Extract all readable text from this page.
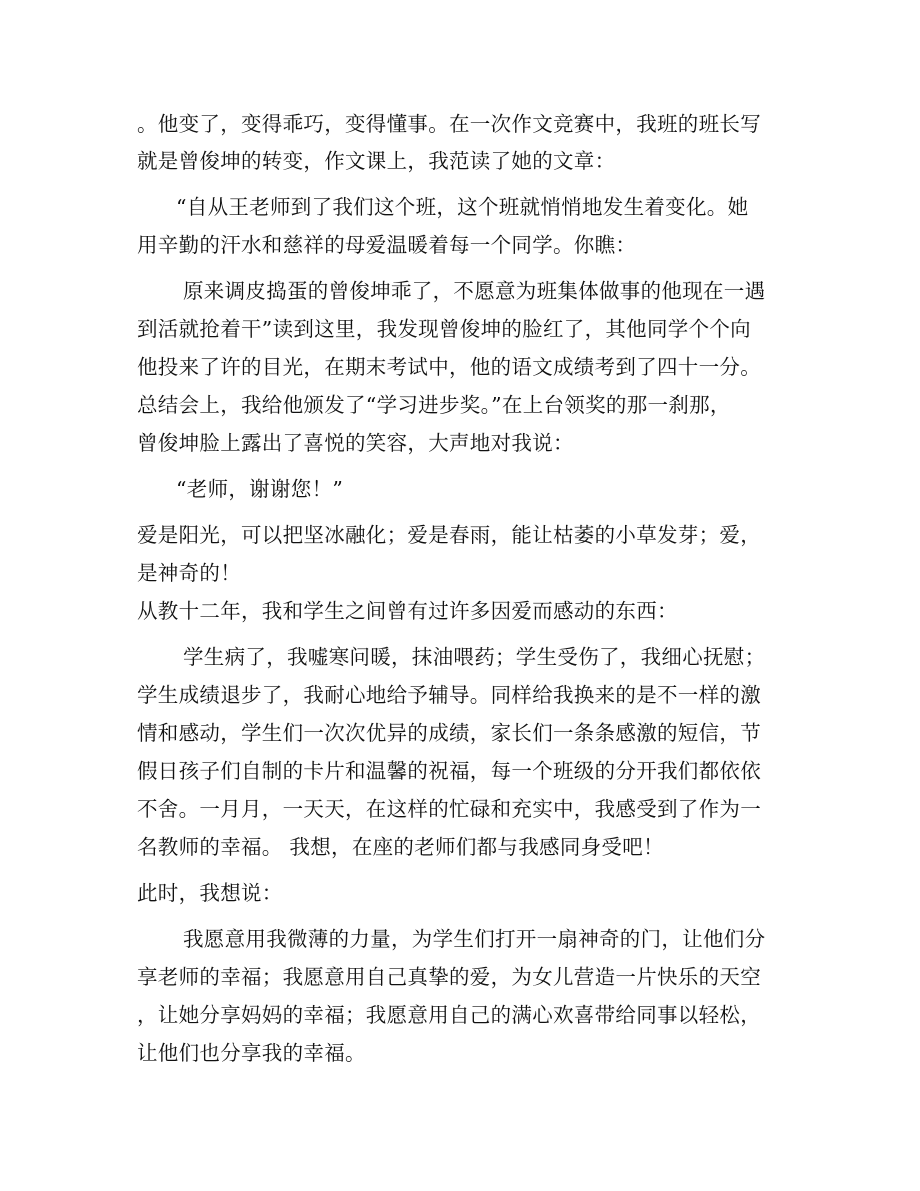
。他变了，变得乖巧，变得懂事。在一次作文竞赛中，我班的班长写
就是曾俊坤的转变，作文课上，我范读了她的文章：
“自从王老师到了我们这个班，这个班就悄悄地发生着变化。她
用辛勤的汗水和慈祥的母爱温暖着每一个同学。你瞧：
原来调皮捣蛋的曾俊坤乖了，不愿意为班集体做事的他现在一遇
到活就抢着干”读到这里，我发现曾俊坤的脸红了，其他同学个个向
他投来了许的目光，在期末考试中，他的语文成绩考到了四十一分。
总结会上，我给他颁发了“学习进步奖。”在上台领奖的那一刹那，
曾俊坤脸上露出了喜悦的笑容，大声地对我说：
“老师，谢谢您！”
爱是阳光，可以把坚冰融化；爱是春雨，能让枯萎的小草发芽；爱，
是神奇的！
从教十二年，我和学生之间曾有过许多因爱而感动的东西：
学生病了，我嘘寒问暖，抹油喂药；学生受伤了，我细心抚慰；
学生成绩退步了，我耐心地给予辅导。同样给我换来的是不一样的激
情和感动，学生们一次次优异的成绩，家长们一条条感激的短信，节
假日孩子们自制的卡片和温馨的祝福，每一个班级的分开我们都依依
不舍。一月月，一天天，在这样的忙碌和充实中，我感受到了作为一
名教师的幸福。 我想，在座的老师们都与我感同身受吧！
此时，我想说：
我愿意用我微薄的力量，为学生们打开一扇神奇的门，让他们分
享老师的幸福；我愿意用自己真挚的爱，为女儿营造一片快乐的天空
，让她分享妈妈的幸福；我愿意用自己的满心欢喜带给同事以轻松，
让他们也分享我的幸福。
